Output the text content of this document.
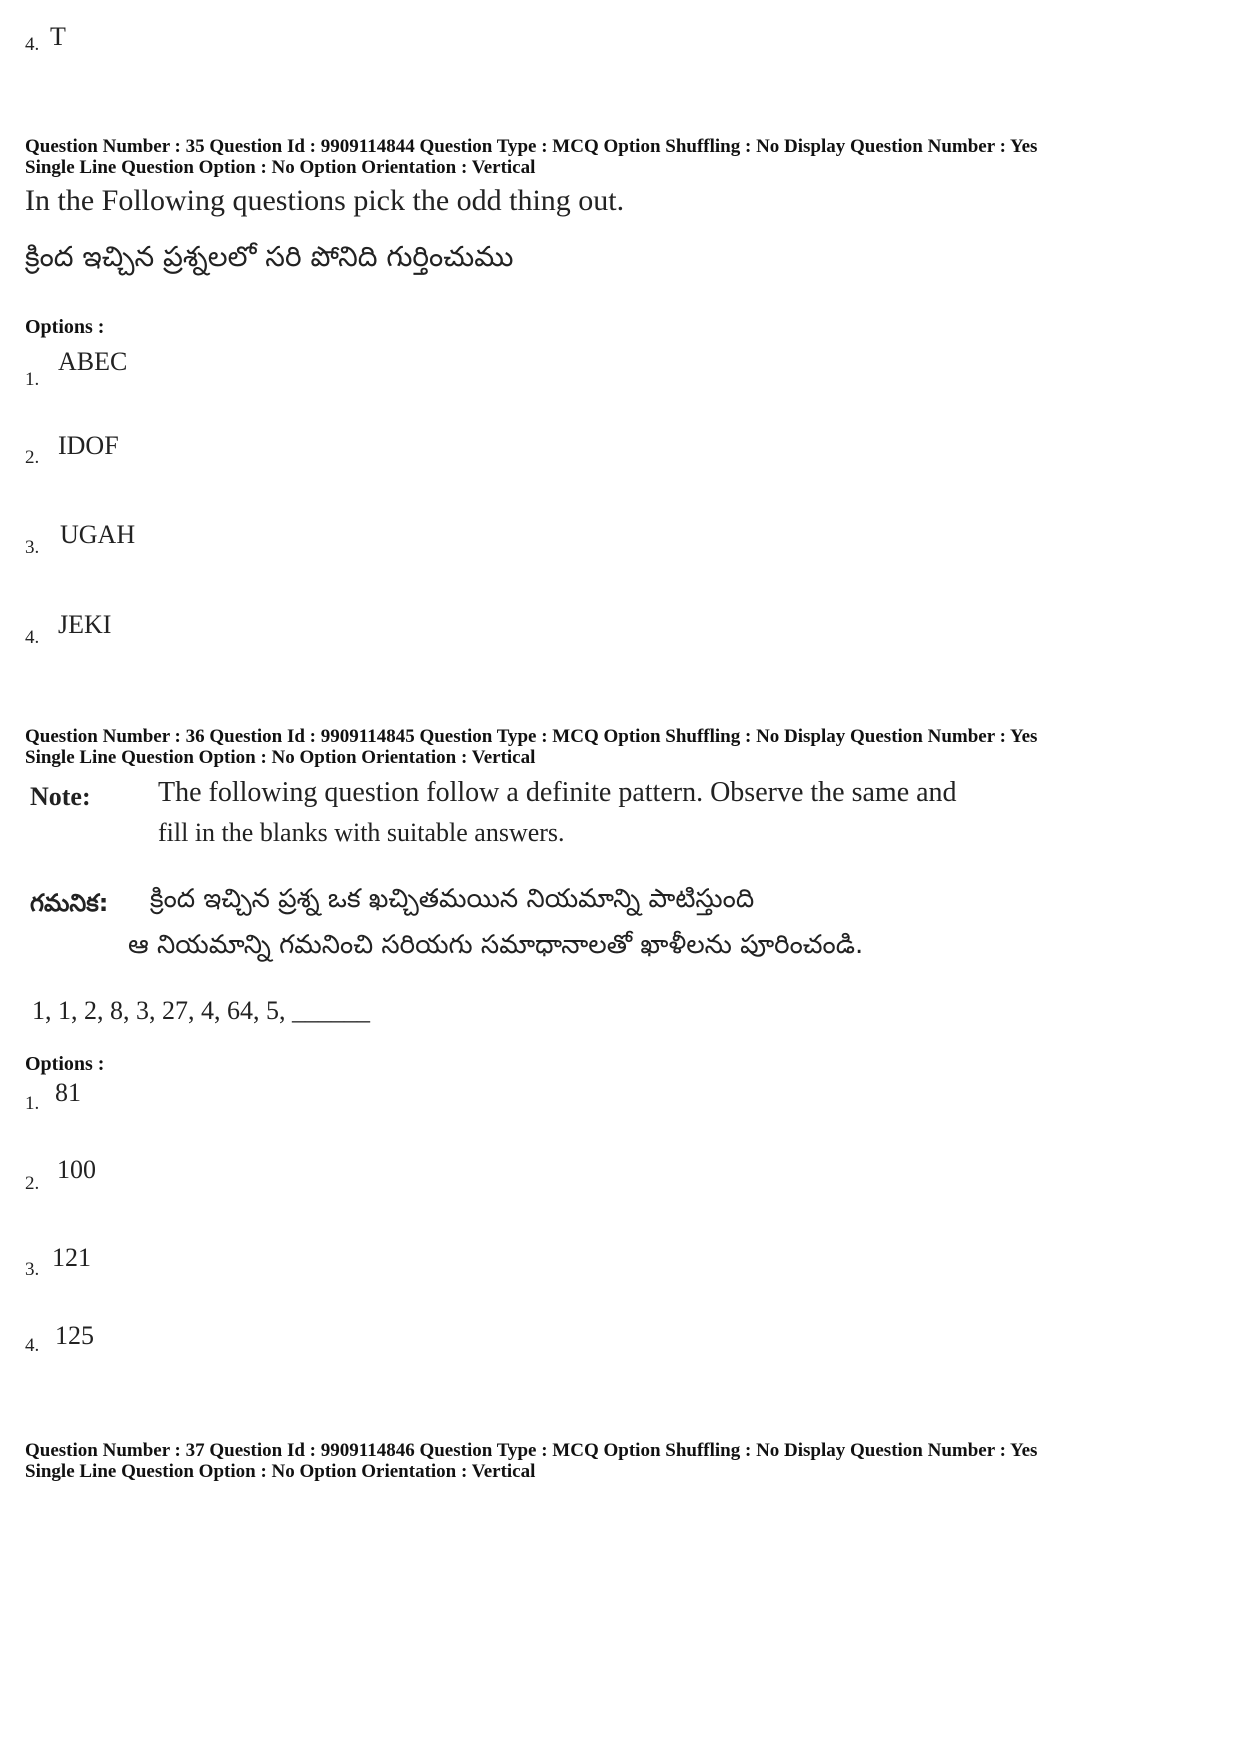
4. T
Question Number : 35 Question Id : 9909114844 Question Type : MCQ Option Shuffling : No Display Question Number : Yes
Single Line Question Option : No Option Orientation : Vertical
In the Following questions pick the odd thing out.
క్రింద ఇచ్చిన ప్రశ్నలలో సరి పోనిది గుర్తించుము
Options :
1.
ABEC
2. IDOF
3. UGAH
4. JEKI
Question Number : 36 Question Id : 9909114845 Question Type : MCQ Option Shuffling : No Display Question Number : Yes
Single Line Question Option : No Option Orientation : Vertical
Note: The following question follow a definite pattern. Observe the same and
fill in the blanks with suitable answers.
గమనిక: క్రింద ఇచ్చిన ప్రశ్న ఒక ఖచ్చితమయిన నియమాన్ని పాటిస్తుంది
ఆ నియమాన్ని గమనించి సరియగు సమాధానాలతో ఖాళీలను పూరించండి.
1, 1, 2, 8, 3, 27, 4, 64, 5, ______
Options :
1. 81
2. 100
3. 121
4. 125
Question Number : 37 Question Id : 9909114846 Question Type : MCQ Option Shuffling : No Display Question Number : Yes
Single Line Question Option : No Option Orientation : Vertical
